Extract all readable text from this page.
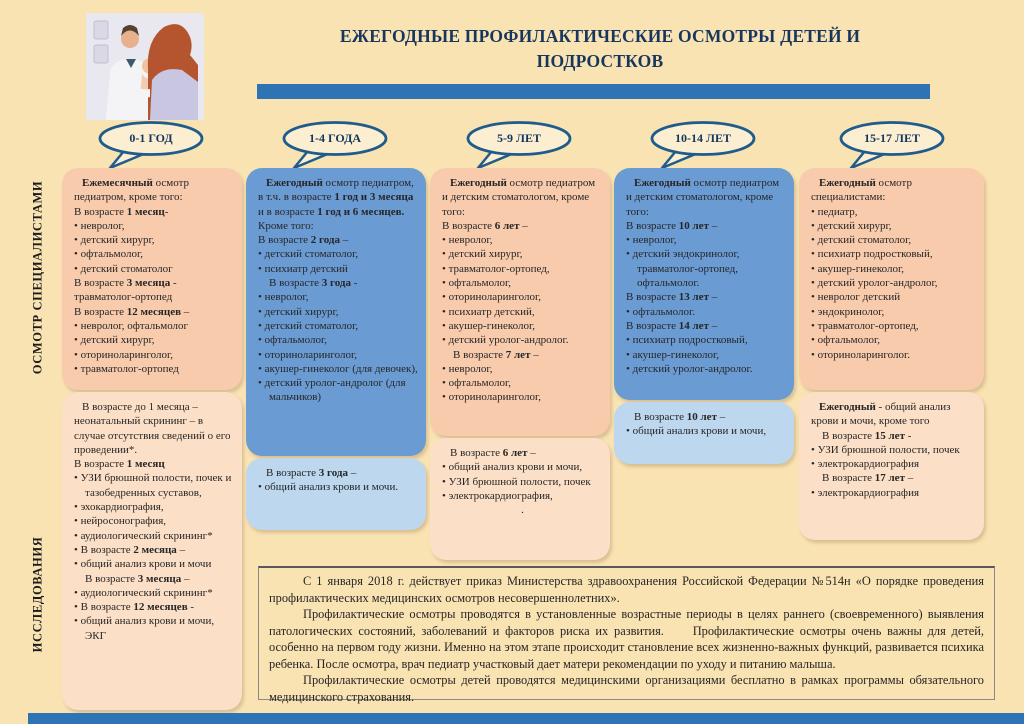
ЕЖЕГОДНЫЕ ПРОФИЛАКТИЧЕСКИЕ ОСМОТРЫ ДЕТЕЙ И ПОДРОСТКОВ
ОСМОТР СПЕЦИАЛИСТАМИ
ИССЛЕДОВАНИЯ
0-1 ГОД
Ежемесячный осмотр педиатром, кроме того:
В возрасте 1 месяц-
• невролог,
• детский хирург,
• офтальмолог,
• детский стоматолог
В возрасте 3 месяца - травматолог-ортопед
В возрасте 12 месяцев –
• невролог, офтальмолог
• детский хирург,
• оториноларинголог,
• травматолог-ортопед
В возрасте до 1 месяца – неонатальный скрининг – в случае отсутствия сведений о его проведении*.
В возрасте 1 месяц
• УЗИ брюшной полости, почек и тазобедренных суставов,
• эхокардиография,
• нейросонография,
• аудиологический скрининг*
• В возрасте 2 месяца –
• общий анализ крови и мочи
В возрасте 3 месяца –
• аудиологический скрининг*
• В возрасте 12 месяцев -
• общий анализ крови и мочи, ЭКГ
1-4 ГОДА
Ежегодный осмотр педиатром, в т.ч. в возрасте 1 год и 3 месяца и в возрасте 1 год и 6 месяцев. Кроме того:
В возрасте 2 года –
• детский стоматолог,
• психиатр детский
В возрасте 3 года -
• невролог,
• детский хирург,
• детский стоматолог,
• офтальмолог,
• оториноларинголог,
• акушер-гинеколог (для девочек),
• детский уролог-андролог (для мальчиков)
В возрасте 3 года –
• общий анализ крови и мочи.
5-9 ЛЕТ
Ежегодный осмотр педиатром и детским стоматологом, кроме того:
В возрасте 6 лет –
• невролог,
• детский хирург,
• травматолог-ортопед,
• офтальмолог,
• оториноларинголог,
• психиатр детский,
• акушер-гинеколог,
• детский уролог-андролог.
В возрасте 7 лет –
• невролог,
• офтальмолог,
• оториноларинголог,
В возрасте 6 лет –
• общий анализ крови и мочи,
• УЗИ брюшной полости, почек
• электрокардиография,
.
10-14 ЛЕТ
Ежегодный осмотр педиатром и детским стоматологом, кроме того:
В возрасте 10 лет –
• невролог,
• детский эндокринолог, травматолог-ортопед, офтальмолог.
В возрасте 13 лет –
• офтальмолог.
В возрасте 14 лет –
• психиатр подростковый,
• акушер-гинеколог,
• детский уролог-андролог.
В возрасте 10 лет –
• общий анализ крови и мочи,
15-17 ЛЕТ
Ежегодный осмотр специалистами:
• педиатр,
• детский хирург,
• детский стоматолог,
• психиатр подростковый,
• акушер-гинеколог,
• детский уролог-андролог,
• невролог детский
• эндокринолог,
• травматолог-ортопед,
• офтальмолог,
• оториноларинголог.
Ежегодный - общий анализ крови и мочи, кроме того
В возрасте 15 лет -
• УЗИ брюшной полости, почек
• электрокардиография
В возрасте 17 лет –
• электрокардиография

С 1 января 2018 г. действует приказ Министерства здравоохранения Российской Федерации №514н «О порядке проведения профилактических медицинских осмотров несовершеннолетних».

Профилактические осмотры проводятся в установленные возрастные периоды в целях раннего (своевременного) выявления патологических состояний, заболеваний и факторов риска их развития.     Профилактические осмотры очень важны для детей, особенно на первом году жизни. Именно на этом этапе происходит становление всех жизненно-важных функций, развивается психика ребенка. После осмотра, врач педиатр участковый дает матери рекомендации по уходу и питанию малыша.

Профилактические осмотры детей проводятся медицинскими организациями бесплатно в рамках программы обязательного медицинского страхования.
